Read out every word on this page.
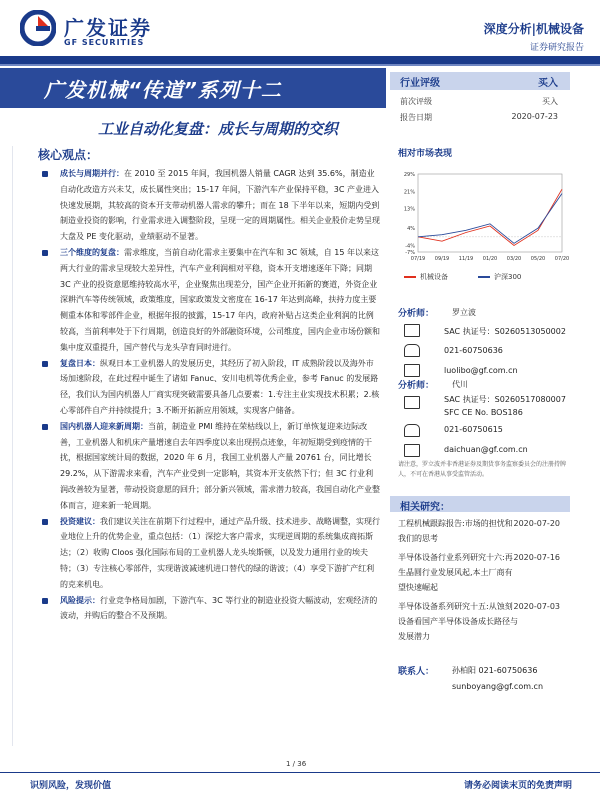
广发证券
GF SECURITIES
深度分析|机械设备
证券研究报告
广发机械“传道”系列十二
工业自动化复盘：成长与周期的交织
核心观点：
成长与周期并行：在 2010 至 2015 年间，我国机器人销量 CAGR 达到 35.6%，制造业自动化改造方兴未艾，成长属性突出；15-17 年间，下游汽车产业保持平稳，3C 产业进入快速发展期，其较高的资本开支带动机器人需求的攀升；而在 18 下半年以来，短期内受到制造业投资的影响，行业需求进入调整阶段，呈现一定的周期属性。相关企业股价走势呈现大盘及 PE 变化驱动，业绩驱动不显著。
三个维度的复盘：需求维度，当前自动化需求主要集中在汽车和 3C 领域，自 15 年以来这两大行业的需求呈现较大差异性，汽车产业利润相对平稳，资本开支增速逐年下降；同期 3C 产业的投资意愿维持较高水平，企业聚焦出现差分，国产企业开拓新的赛道，外资企业深耕汽车等传统领域，政策维度，国家政策发文密度在 16-17 年达到高峰，扶持力度主要侧重本体和零部件企业，根据年报的披露，15-17 年内，政府补贴占这类企业利润的比例较高，当前利率处于下行周期，创造良好的外部融资环境，公司维度，国内企业市场份额和集中度双重提升，国产替代与龙头孕育同时进行。
复盘日本：纵观日本工业机器人的发展历史，其经历了初入阶段，IT 成熟阶段以及海外市场加速阶段，在此过程中诞生了诸如 Fanuc、安川电机等优秀企业，参考 Fanuc 的发展路径，我们认为国内机器人厂商实现突破需要具备几点要素：1.专注主业实现技术积累；2.核心零部件自产并持续提升；3.不断开拓新应用领域，实现客户储备。
国内机器人迎来新周期：当前，制造业 PMI 维持在荣枯线以上，新订单恢复迎来边际改善，工业机器人和机床产量增速自去年四季度以来出现拐点迹象，年初短期受到疫情的干扰，根据国家统计局的数据，2020 年 6 月，我国工业机器人产量 20761 台，同比增长 29.2%，从下游需求来看，汽车产业受到一定影响，其资本开支依然下行；但 3C 行业利润改善较为显著，带动投资意愿的回升；部分新兴领域，需求潜力较高，我国自动化产业整体而言，迎来新一轮周期。
投资建议：我们建议关注在前期下行过程中，通过产品升级、技术进步、战略调整，实现行业地位上升的优势企业，重点包括：（1）深挖大客户需求，实现逆周期的系统集成商拓斯达；（2）收购 Cloos 强化国际布局的工业机器人龙头埃斯顿，以及发力通用行业的埃夫特；（3）专注核心零部件，实现谐波减速机进口替代的绿的谐波；（4）享受下游扩产红利的克来机电。
风险提示：行业竞争格局加剧，下游汽车、3C 等行业的制造业投资大幅波动，宏观经济的波动，并购后的整合不及预期。
行业评级	买入
前次评级	买入
报告日期	2020-07-23
相对市场表现
29%
21%
13%
4%
-4%
-7%
07/19 09/19 11/19 01/20 03/20 05/20 07/20
机械设备	沪深300
分析师： 罗立波
SAC 执证号：S0260513050002
021-60750636
luolibo@gf.com.cn
分析师： 代川
SAC 执证号：S0260517080007
SFC CE No. BOS186
021-60750615
daichuan@gf.com.cn
请注意，罗立波并非香港证券及期货事务监察委员会的注册持牌人，不可在香港从事受监管活动。
相关研究：
工程机械跟踪报告:市场的担忧和我们的思考
2020-07-20
半导体设备行业系列研究十六:再生晶圆行业发展风起,本土厂商有望快速崛起
2020-07-16
半导体设备系列研究十五:从蚀刻设备看国产半导体设备成长路径与发展潜力
2020-07-03
联系人： 孙柏阳 021-60750636
sunboyang@gf.com.cn
1 / 36
识别风险，发现价值	请务必阅读末页的免责声明
